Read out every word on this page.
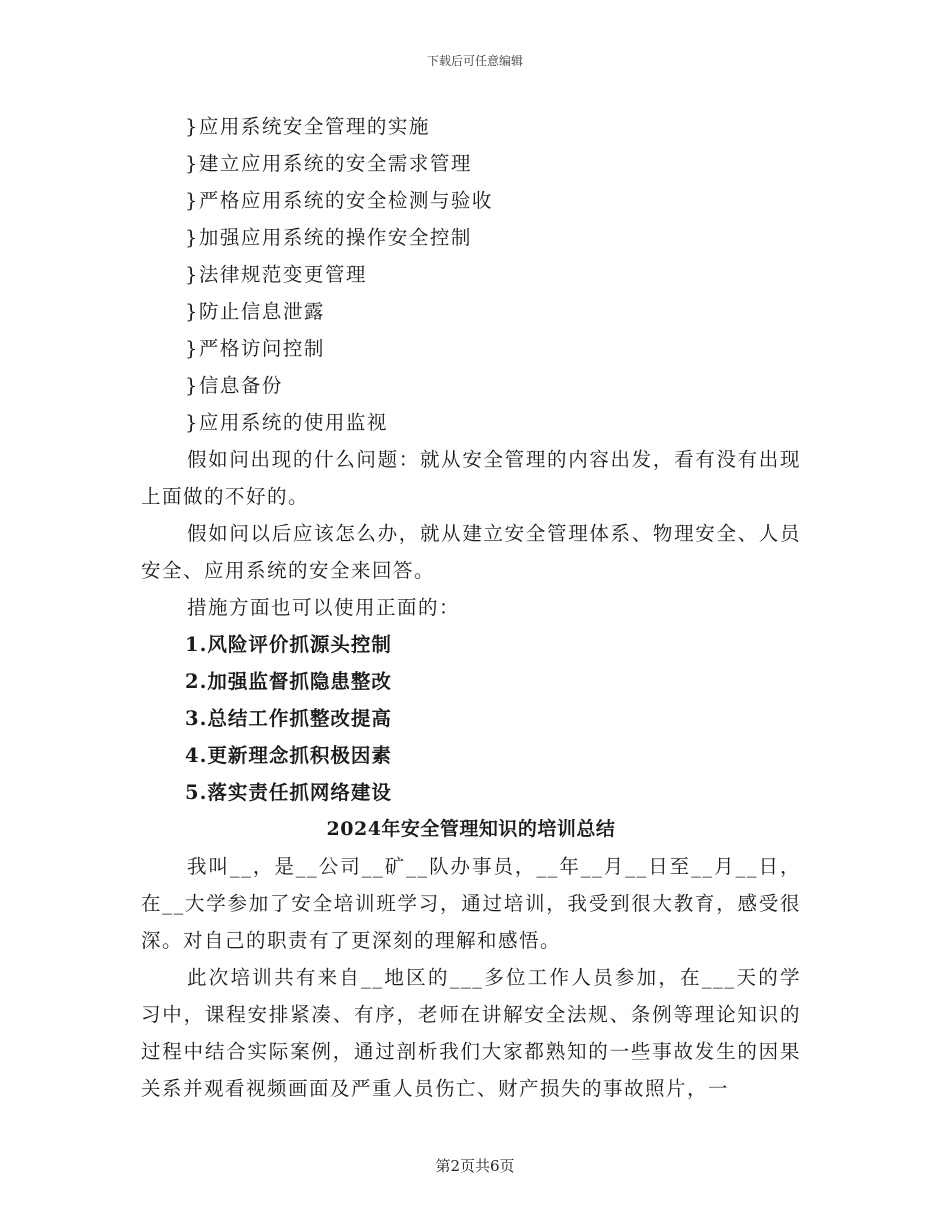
下载后可任意编辑
}应用系统安全管理的实施
}建立应用系统的安全需求管理
}严格应用系统的安全检测与验收
}加强应用系统的操作安全控制
}法律规范变更管理
}防止信息泄露
}严格访问控制
}信息备份
}应用系统的使用监视
假如问出现的什么问题：就从安全管理的内容出发，看有没有出现上面做的不好的。
假如问以后应该怎么办，就从建立安全管理体系、物理安全、人员安全、应用系统的安全来回答。
措施方面也可以使用正面的：
1.风险评价抓源头控制
2.加强监督抓隐患整改
3.总结工作抓整改提高
4.更新理念抓积极因素
5.落实责任抓网络建设
2024年安全管理知识的培训总结
我叫__，是__公司__矿__队办事员，__年__月__日至__月__日，在__大学参加了安全培训班学习，通过培训，我受到很大教育，感受很深。对自己的职责有了更深刻的理解和感悟。
此次培训共有来自__地区的___多位工作人员参加，在___天的学习中，课程安排紧凑、有序，老师在讲解安全法规、条例等理论知识的过程中结合实际案例，通过剖析我们大家都熟知的一些事故发生的因果关系并观看视频画面及严重人员伤亡、财产损失的事故照片，一
第2页共6页
